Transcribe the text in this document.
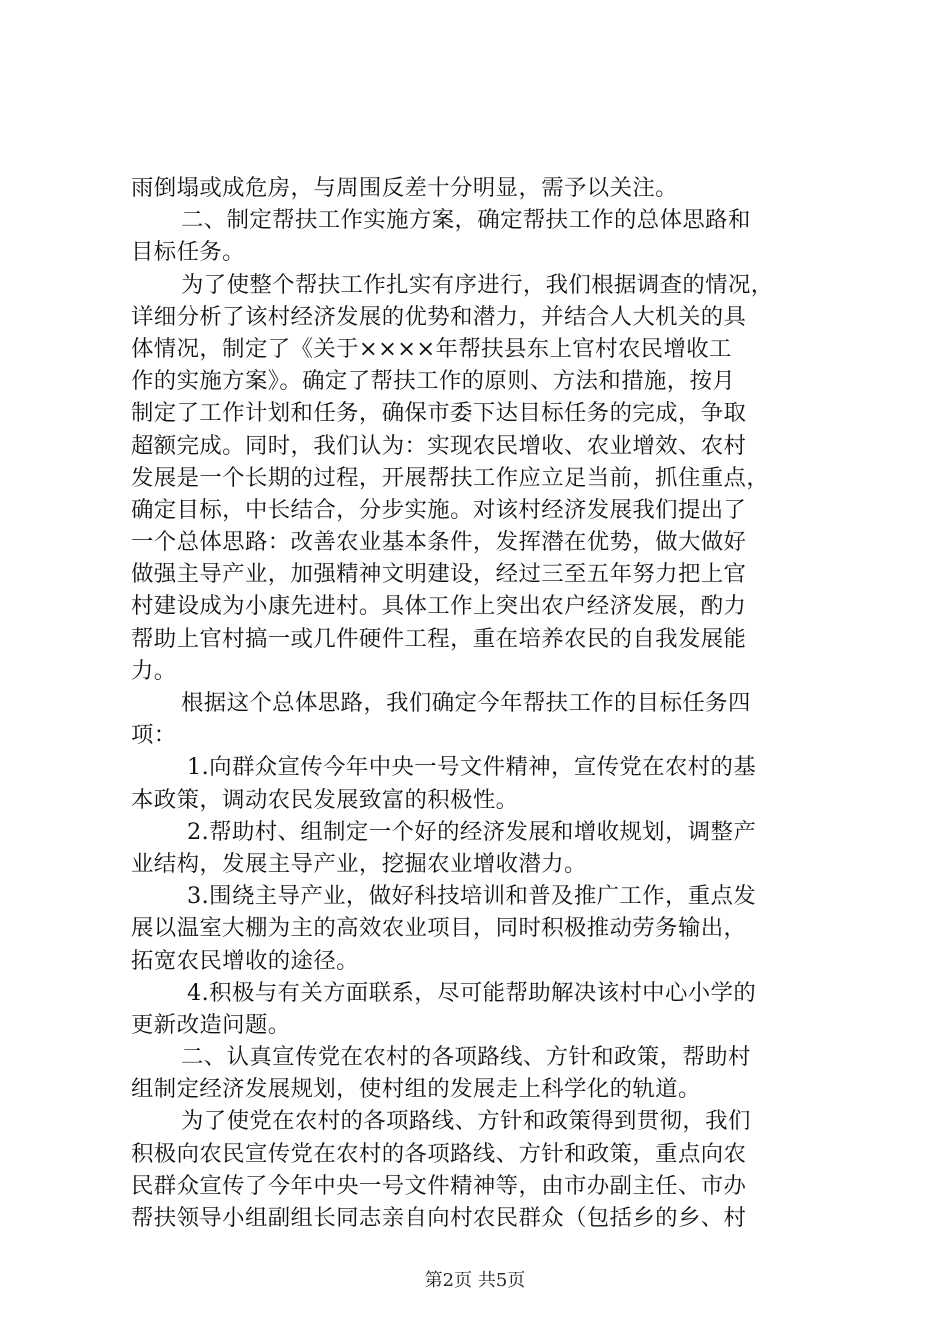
雨倒塌或成危房，与周围反差十分明显，需予以关注。
二、制定帮扶工作实施方案，确定帮扶工作的总体思路和
目标任务。
为了使整个帮扶工作扎实有序进行，我们根据调查的情况，
详细分析了该村经济发展的优势和潜力，并结合人大机关的具
体情况，制定了《关于××××年帮扶县东上官村农民增收工
作的实施方案》。确定了帮扶工作的原则、方法和措施，按月
制定了工作计划和任务，确保市委下达目标任务的完成，争取
超额完成。同时，我们认为：实现农民增收、农业增效、农村
发展是一个长期的过程，开展帮扶工作应立足当前，抓住重点，
确定目标，中长结合，分步实施。对该村经济发展我们提出了
一个总体思路：改善农业基本条件，发挥潜在优势，做大做好
做强主导产业，加强精神文明建设，经过三至五年努力把上官
村建设成为小康先进村。具体工作上突出农户经济发展，酌力
帮助上官村搞一或几件硬件工程，重在培养农民的自我发展能
力。
根据这个总体思路，我们确定今年帮扶工作的目标任务四
项：
1.向群众宣传今年中央一号文件精神，宣传党在农村的基
本政策，调动农民发展致富的积极性。
2.帮助村、组制定一个好的经济发展和增收规划，调整产
业结构，发展主导产业，挖掘农业增收潜力。
3.围绕主导产业，做好科技培训和普及推广工作，重点发
展以温室大棚为主的高效农业项目，同时积极推动劳务输出，
拓宽农民增收的途径。
4.积极与有关方面联系，尽可能帮助解决该村中心小学的
更新改造问题。
二、认真宣传党在农村的各项路线、方针和政策，帮助村
组制定经济发展规划，使村组的发展走上科学化的轨道。
为了使党在农村的各项路线、方针和政策得到贯彻，我们
积极向农民宣传党在农村的各项路线、方针和政策，重点向农
民群众宣传了今年中央一号文件精神等，由市办副主任、市办
帮扶领导小组副组长同志亲自向村农民群众（包括乡的乡、村
第2页 共5页
